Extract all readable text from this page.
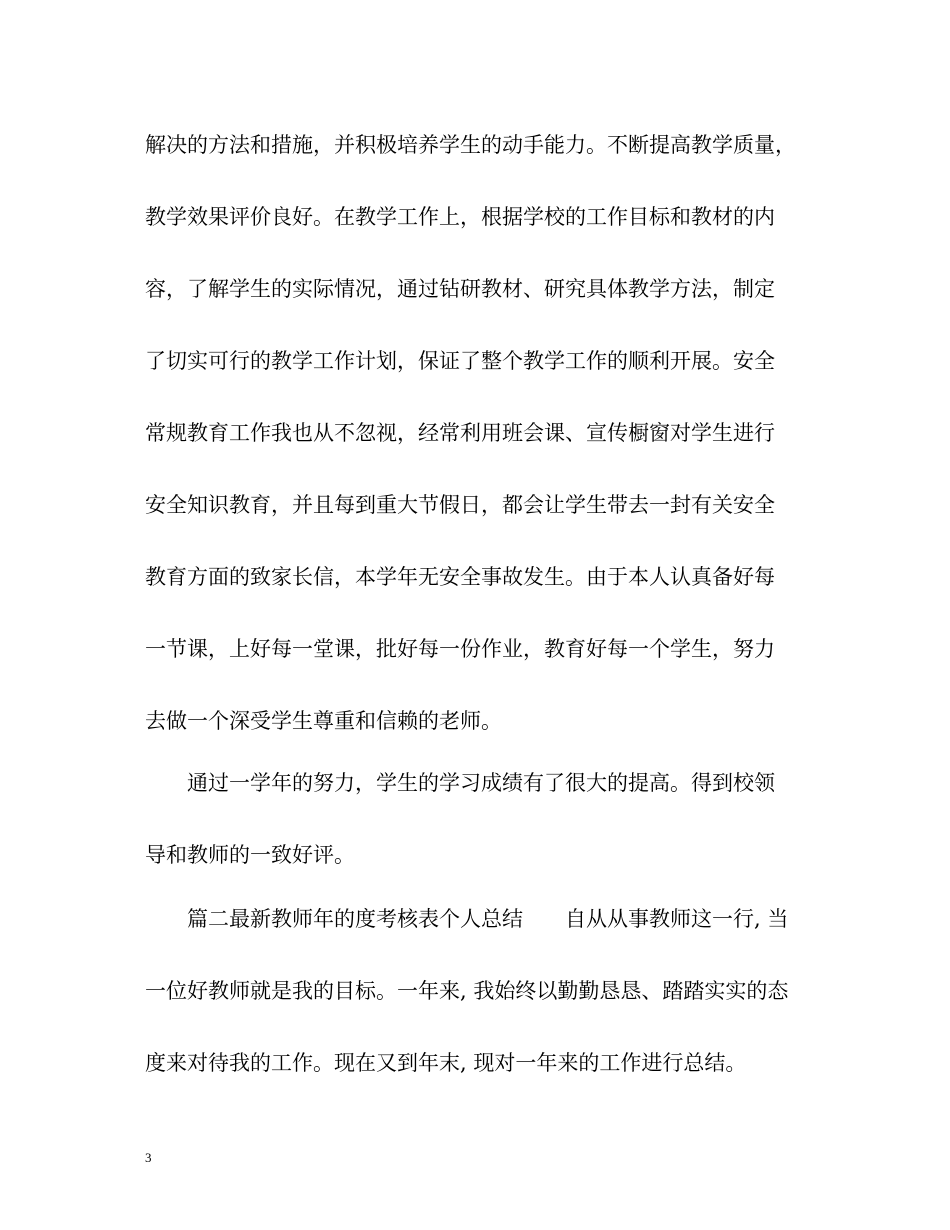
解决的方法和措施，并积极培养学生的动手能力。不断提高教学质量，
教学效果评价良好。在教学工作上，根据学校的工作目标和教材的内
容，了解学生的实际情况，通过钻研教材、研究具体教学方法，制定
了切实可行的教学工作计划，保证了整个教学工作的顺利开展。安全
常规教育工作我也从不忽视，经常利用班会课、宣传橱窗对学生进行
安全知识教育，并且每到重大节假日，都会让学生带去一封有关安全
教育方面的致家长信，本学年无安全事故发生。由于本人认真备好每
一节课，上好每一堂课，批好每一份作业，教育好每一个学生，努力
去做一个深受学生尊重和信赖的老师。
　　通过一学年的努力，学生的学习成绩有了很大的提高。得到校领
导和教师的一致好评。
　　篇二最新教师年的度考核表个人总结　　自从从事教师这一行, 当
一位好教师就是我的目标。一年来, 我始终以勤勤恳恳、踏踏实实的态
度来对待我的工作。现在又到年末, 现对一年来的工作进行总结。
3
